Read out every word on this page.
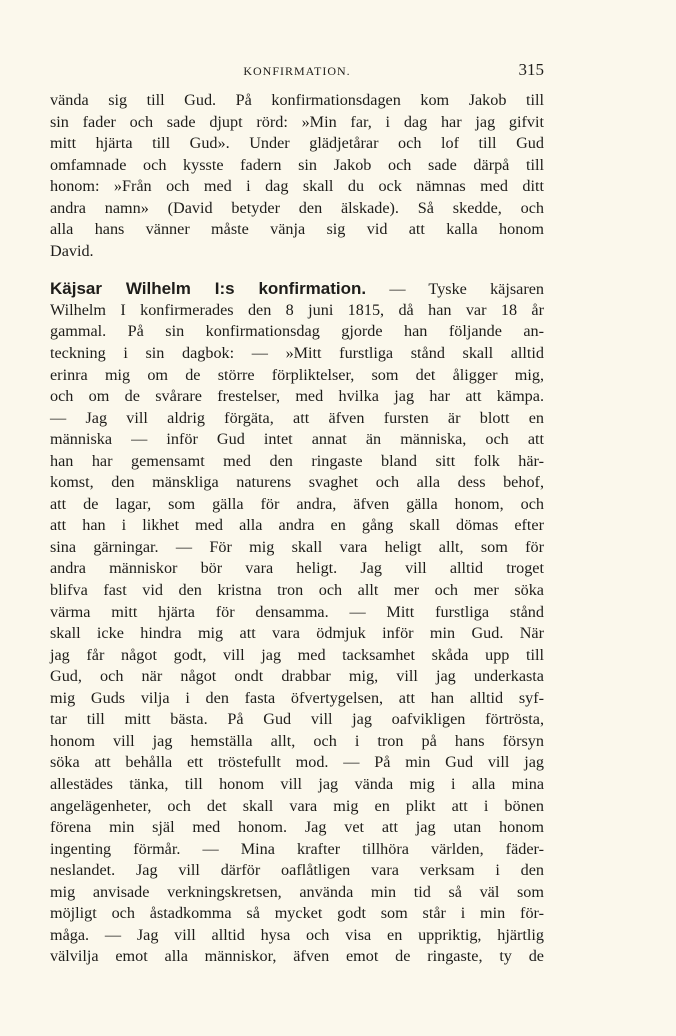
KONFIRMATION.	315
vända sig till Gud. På konfirmationsdagen kom Jakob till
sin fader och sade djupt rörd: »Min far, i dag har jag gifvit
mitt hjärta till Gud». Under glädjetårar och lof till Gud
omfamnade och kysste fadern sin Jakob och sade därpå till
honom: »Från och med i dag skall du ock nämnas med ditt
andra namn» (David betyder den älskade). Så skedde, och
alla hans vänner måste vänja sig vid att kalla honom
David.
Käjsar Wilhelm I:s konfirmation. — Tyske käjsaren
Wilhelm I konfirmerades den 8 juni 1815, då han var 18 år
gammal. På sin konfirmationsdag gjorde han följande an-
teckning i sin dagbok: — »Mitt furstliga stånd skall alltid
erinra mig om de större förpliktelser, som det åligger mig,
och om de svårare frestelser, med hvilka jag har att kämpa.
— Jag vill aldrig förgäta, att äfven fursten är blott en
människa — inför Gud intet annat än människa, och att
han har gemensamt med den ringaste bland sitt folk här-
komst, den mänskliga naturens svaghet och alla dess behof,
att de lagar, som gälla för andra, äfven gälla honom, och
att han i likhet med alla andra en gång skall dömas efter
sina gärningar. — För mig skall vara heligt allt, som för
andra människor bör vara heligt. Jag vill alltid troget
blifva fast vid den kristna tron och allt mer och mer söka
värma mitt hjärta för densamma. — Mitt furstliga stånd
skall icke hindra mig att vara ödmjuk inför min Gud. När
jag får något godt, vill jag med tacksamhet skåda upp till
Gud, och när något ondt drabbar mig, vill jag underkasta
mig Guds vilja i den fasta öfvertygelsen, att han alltid syf-
tar till mitt bästa. På Gud vill jag oafvikligen förtrösta,
honom vill jag hemställa allt, och i tron på hans försyn
söka att behålla ett tröstefullt mod. — På min Gud vill jag
allestädes tänka, till honom vill jag vända mig i alla mina
angelägenheter, och det skall vara mig en plikt att i bönen
förena min själ med honom. Jag vet att jag utan honom
ingenting förmår. — Mina krafter tillhöra världen, fäder-
neslandet. Jag vill därför oaflåtligen vara verksam i den
mig anvisade verkningskretsen, använda min tid så väl som
möjligt och åstadkomma så mycket godt som står i min för-
måga. — Jag vill alltid hysa och visa en uppriktig, hjärtlig
välvilja emot alla människor, äfven emot de ringaste, ty de
